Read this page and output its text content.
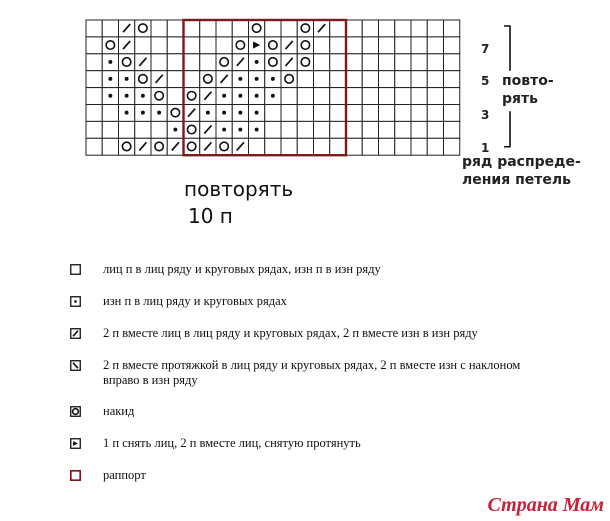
7
5
3
1
повто-
рять
ряд распреде-
ления петель
повторять
10 п
лиц п в лиц ряду и круговых рядах, изн п в изн ряду
изн п в лиц ряду и круговых рядах
2 п вместе лиц в лиц ряду и круговых рядах, 2 п вместе изн в изн ряду
2 п вместе протяжкой в лиц ряду и круговых рядах, 2 п вместе изн с наклоном вправо в изн ряду
накид
1 п снять лиц, 2 п вместе лиц, снятую протянуть
раппорт
Страна Мам
